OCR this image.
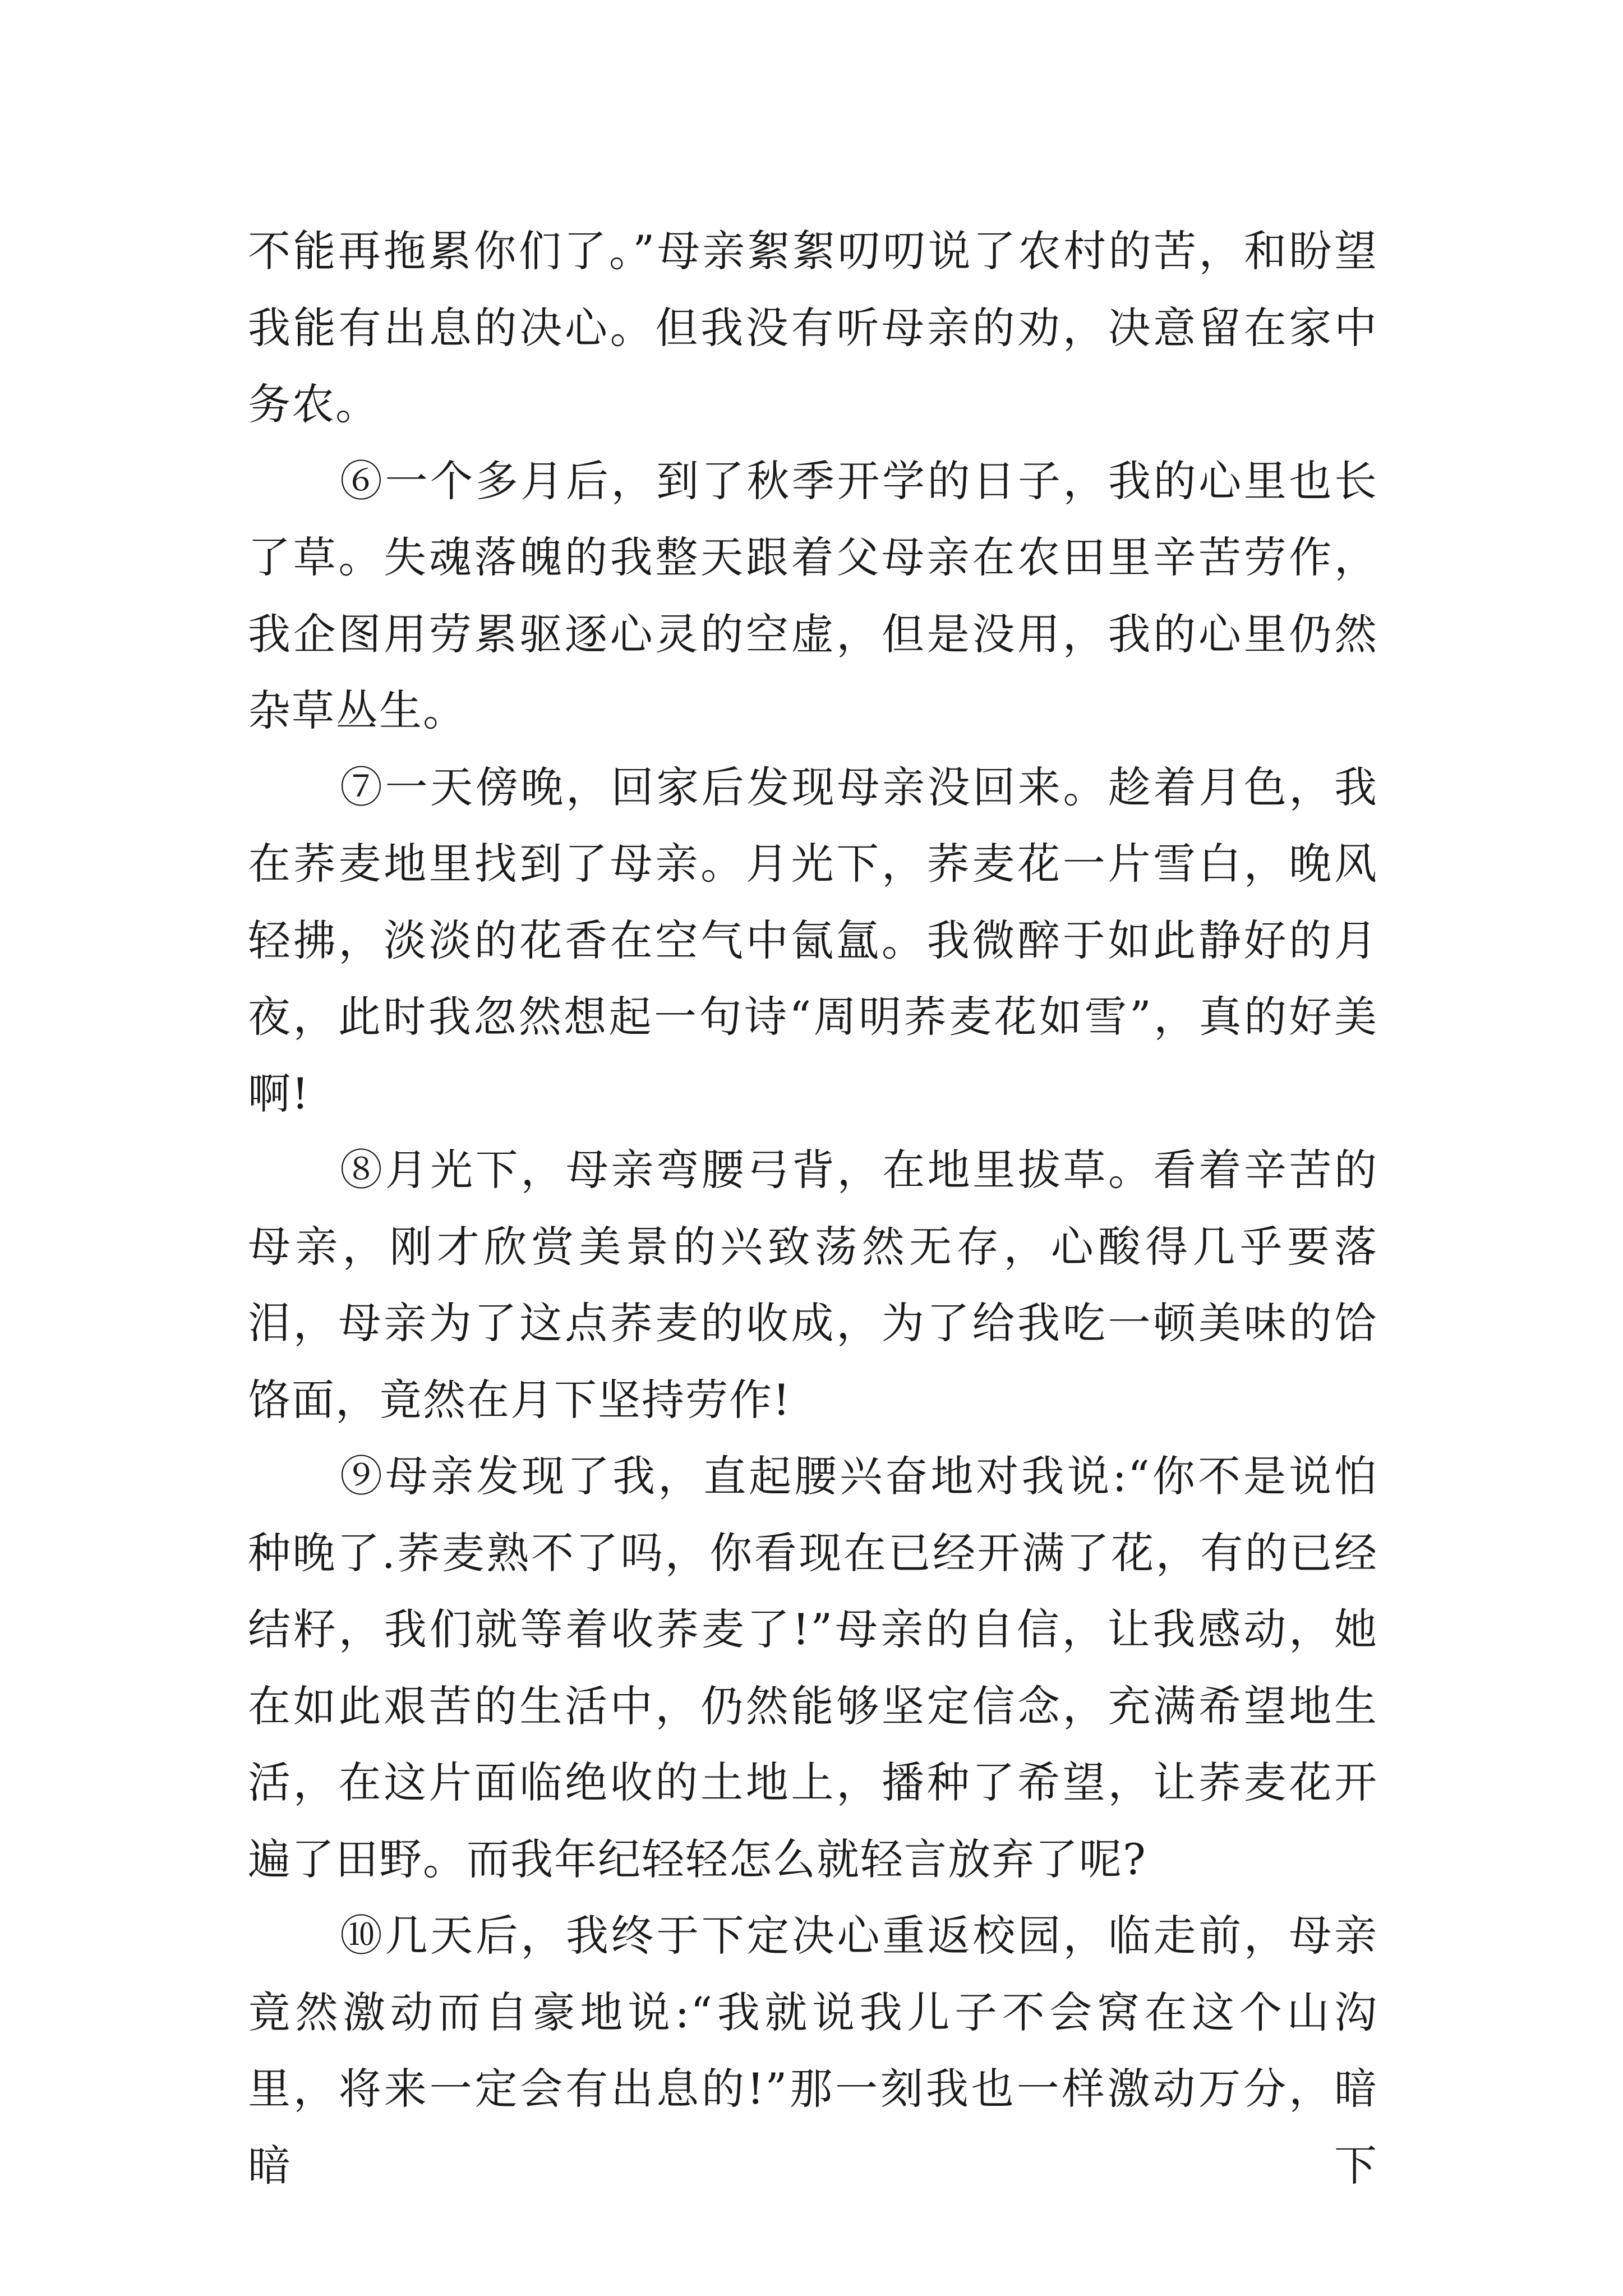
不能再拖累你们了。”母亲絮絮叨叨说了农村的苦，和盼望我能有出息的决心。但我没有听母亲的劝，决意留在家中务农。

⑥一个多月后，到了秋季开学的日子，我的心里也长了草。失魂落魄的我整天跟着父母亲在农田里辛苦劳作，我企图用劳累驱逐心灵的空虚，但是没用，我的心里仍然杂草丛生。

⑦一天傍晚，回家后发现母亲没回来。趁着月色，我在荞麦地里找到了母亲。月光下，荞麦花一片雪白，晚风轻拂，淡淡的花香在空气中氤氲。我微醉于如此静好的月夜，此时我忽然想起一句诗“周明荞麦花如雪”，真的好美啊!

⑧月光下，母亲弯腰弓背，在地里拔草。看着辛苦的母亲，刚才欣赏美景的兴致荡然无存，心酸得几乎要落泪，母亲为了这点荞麦的收成，为了给我吃一顿美味的饸饹面，竟然在月下坚持劳作!

⑨母亲发现了我，直起腰兴奋地对我说:“你不是说怕种晚了.荞麦熟不了吗，你看现在已经开满了花，有的已经结籽，我们就等着收荞麦了!”母亲的自信，让我感动，她在如此艰苦的生活中，仍然能够坚定信念，充满希望地生活，在这片面临绝收的土地上，播种了希望，让荞麦花开遍了田野。而我年纪轻轻怎么就轻言放弃了呢?

⑩几天后，我终于下定决心重返校园，临走前，母亲竟然激动而自豪地说:“我就说我儿子不会窝在这个山沟里，将来一定会有出息的!”那一刻我也一样激动万分，暗暗下
